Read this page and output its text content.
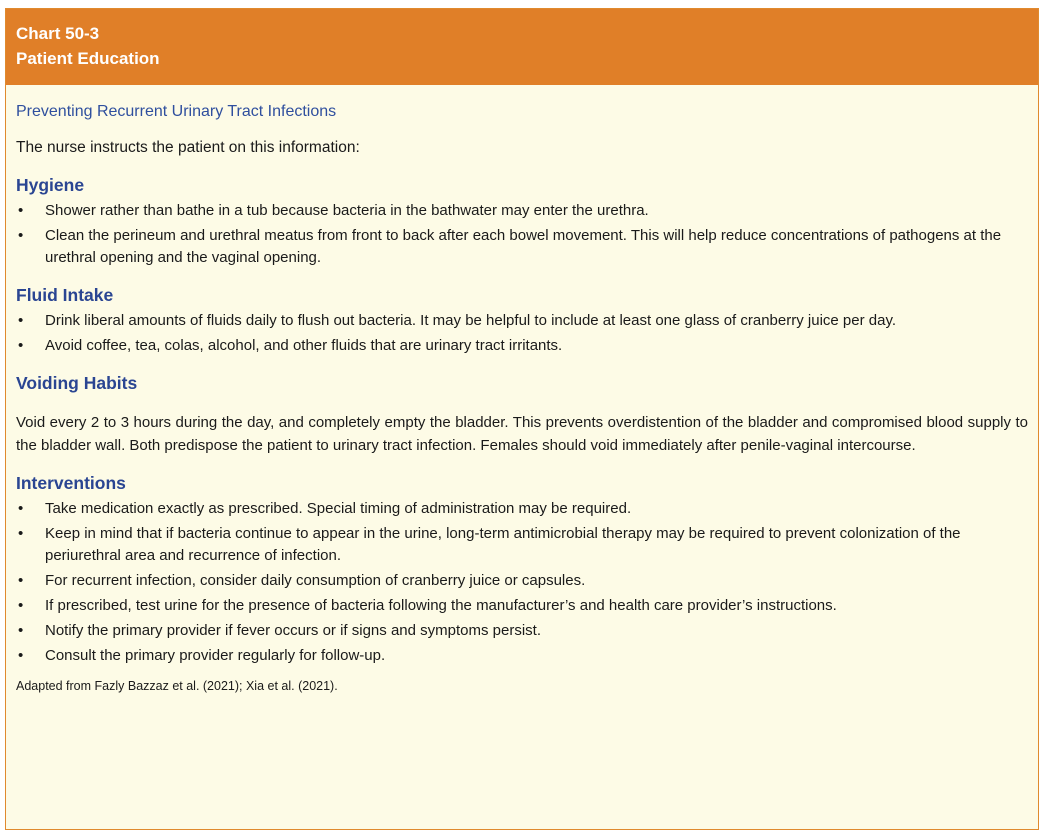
Chart 50-3
Patient Education
Preventing Recurrent Urinary Tract Infections
The nurse instructs the patient on this information:
Hygiene
• Shower rather than bathe in a tub because bacteria in the bathwater may enter the urethra.
• Clean the perineum and urethral meatus from front to back after each bowel movement. This will help reduce concentrations of pathogens at the urethral opening and the vaginal opening.
Fluid Intake
• Drink liberal amounts of fluids daily to flush out bacteria. It may be helpful to include at least one glass of cranberry juice per day.
• Avoid coffee, tea, colas, alcohol, and other fluids that are urinary tract irritants.
Voiding Habits
Void every 2 to 3 hours during the day, and completely empty the bladder. This prevents overdistention of the bladder and compromised blood supply to the bladder wall. Both predispose the patient to urinary tract infection. Females should void immediately after penile-vaginal intercourse.
Interventions
• Take medication exactly as prescribed. Special timing of administration may be required.
• Keep in mind that if bacteria continue to appear in the urine, long-term antimicrobial therapy may be required to prevent colonization of the periurethral area and recurrence of infection.
• For recurrent infection, consider daily consumption of cranberry juice or capsules.
• If prescribed, test urine for the presence of bacteria following the manufacturer’s and health care provider’s instructions.
• Notify the primary provider if fever occurs or if signs and symptoms persist.
• Consult the primary provider regularly for follow-up.
Adapted from Fazly Bazzaz et al. (2021); Xia et al. (2021).
